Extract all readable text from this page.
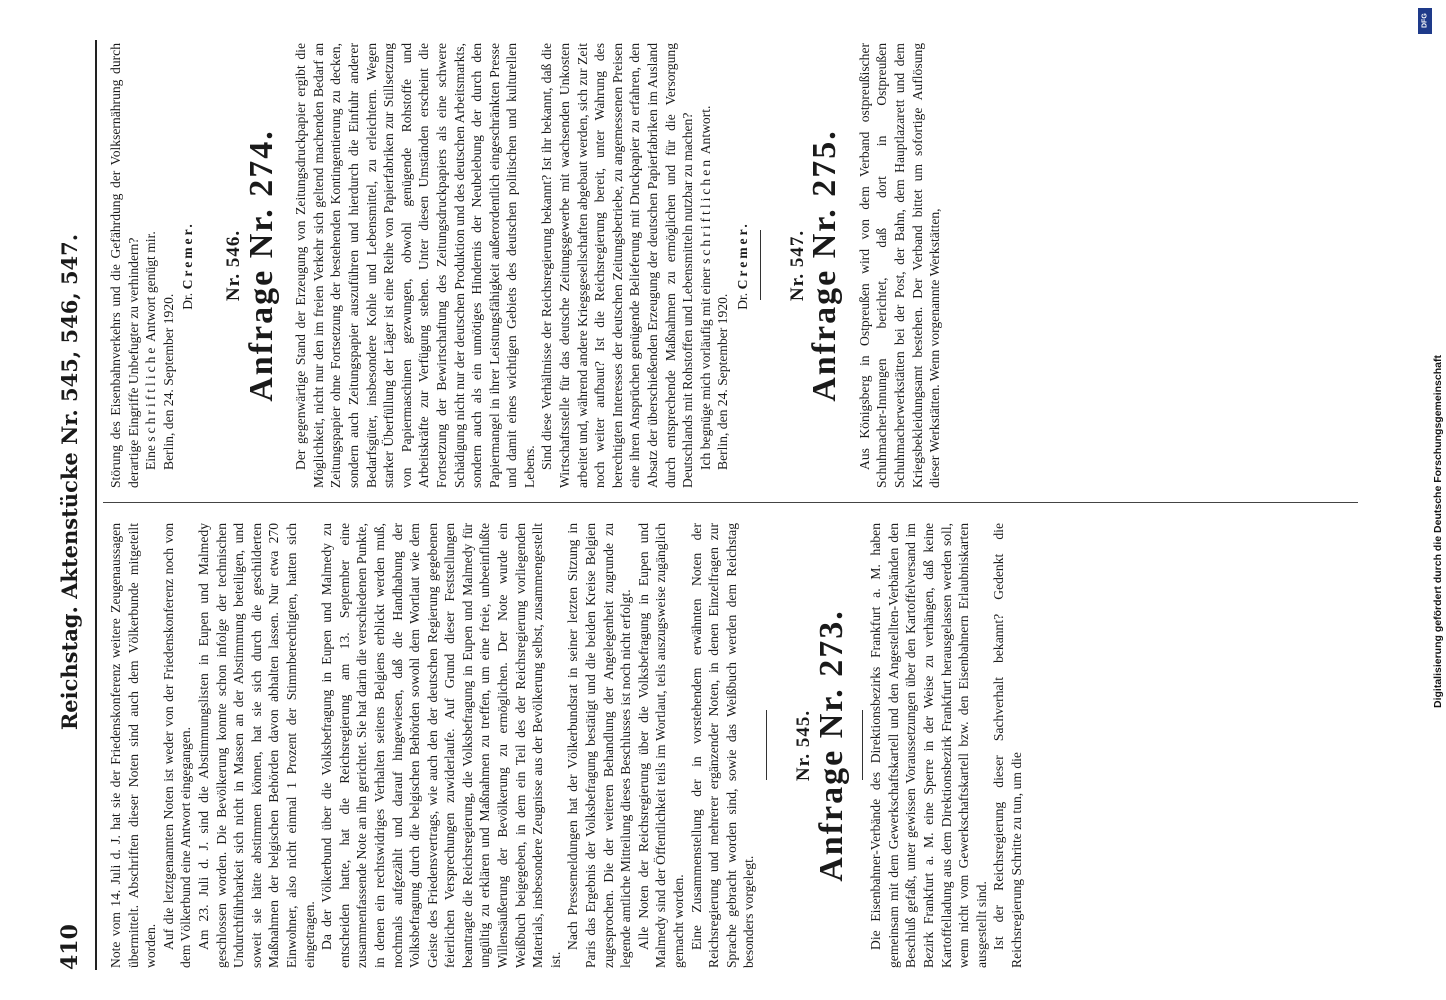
410
Reichstag. Aktenstücke Nr. 545, 546, 547.

Note vom 14. Juli d. J. hat sie der Friedenskonferenz weitere Zeugenaussagen übermittelt. Abschriften dieser Noten sind auch dem Völkerbunde mitgeteilt worden. Auf die letztgenannten Noten ist weder von der Friedenskonferenz noch von dem Völkerbund eine Antwort eingegangen. Am 23. Juli d. J. sind die Abstimmungslisten in Eupen und Malmedy geschlossen worden. Die Bevölkerung konnte schon infolge der technischen Undurchführbarkeit sich nicht in Massen an der Abstimmung beteiligen, und soweit sie hätte abstimmen können, hat sie sich durch die geschilderten Maßnahmen der belgischen Behörden davon abhalten lassen. Nur etwa 270 Einwohner, also nicht einmal 1 Prozent der Stimmberechtigten, hatten sich eingetragen. Da der Völkerbund über die Volksbefragung in Eupen und Malmedy zu entscheiden hatte, hat die Reichsregierung am 13. September eine zusammenfassende Note an ihn gerichtet. Sie hat darin die verschiedenen Punkte, in denen ein rechtswidriges Verhalten seitens Belgiens erblickt werden muß, nochmals aufgezählt und darauf hingewiesen, daß die Handhabung der Volksbefragung durch die belgischen Behörden sowohl dem Wortlaut wie dem Geiste des Friedensvertrags, wie auch den der deutschen Regierung gegebenen feierlichen Versprechungen zuwiderlaufe. Auf Grund dieser Feststellungen beantragte die Reichsregierung, die Volksbefragung in Eupen und Malmedy für ungültig zu erklären und Maßnahmen zu treffen, um eine freie, unbeeinflußte Willensäußerung der Bevölkerung zu ermöglichen. Der Note wurde ein Weißbuch beigegeben, in dem ein Teil des der Reichsregierung vorliegenden Materials, insbesondere Zeugnisse aus der Bevölkerung selbst, zusammengestellt ist.

Nach Pressemeldungen hat der Völkerbundsrat in seiner letzten Sitzung in Paris das Ergebnis der Volksbefragung bestätigt und die beiden Kreise Belgien zugesprochen. Die der weiteren Behandlung der Angelegenheit zugrunde zu legende amtliche Mitteilung dieses Beschlusses ist noch nicht erfolgt. Alle Noten der Reichsregierung über die Volksbefragung in Eupen und Malmedy sind der Öffentlichkeit teils im Wortlaut, teils auszugsweise zugänglich gemacht worden. Eine Zusammenstellung der in vorstehendem erwähnten Noten der Reichsregierung und mehrerer ergänzender Noten, in denen Einzelfragen zur Sprache gebracht worden sind, sowie das Weißbuch werden dem Reichstag besonders vorgelegt.

Nr. 545.
Anfrage Nr. 273. Die Eisenbahner-Verbände des Direktionsbezirks Frankfurt a. M. haben gemeinsam mit dem Gewerkschaftskartell und den Angestellten-Verbänden den Beschluß gefaßt, unter gewissen Voraussetzungen über den Kartoffelversand im Bezirk Frankfurt a. M. eine Sperre in der Weise zu verhängen, daß keine Kartoffelladung aus dem Direktionsbezirk Frankfurt herausgelassen werden soll, wenn nicht vom Gewerkschaftskartell bzw. den Eisenbahnern Erlaubniskarten ausgestellt sind. Ist der Reichsregierung dieser Sachverhalt bekannt? Gedenkt die Reichsregierung Schritte zu tun, um die

Störung des Eisenbahnverkehrs und die Gefährdung der Volksernährung durch derartige Eingriffe Unbefugter zu verhindern? Eine schriftliche Antwort genügt mir.

Berlin, den 24. September 1920. Dr. Cremer. Nr. 546.
Anfrage Nr. 274. Der gegenwärtige Stand der Erzeugung von Zeitungsdruckpapier ergibt die Möglichkeit, nicht nur den im freien Verkehr sich geltend machenden Bedarf an Zeitungspapier ohne Fortsetzung der bestehenden Kontingentierung zu decken, sondern auch Zeitungspapier auszuführen und hierdurch die Einfuhr anderer Bedarfsgüter, insbesondere Kohle und Lebensmittel, zu erleichtern. Wegen starker Überfüllung der Läger ist eine Reihe von Papierfabriken zur Stillsetzung von Papiermaschinen gezwungen, obwohl genügende Rohstoffe und Arbeitskräfte zur Verfügung stehen. Unter diesen Umständen erscheint die Fortsetzung der Bewirtschaftung des Zeitungsdruckpapiers als eine schwere Schädigung nicht nur der deutschen Produktion und des deutschen Arbeitsmarkts, sondern auch als ein unnötiges Hindernis der Neubelebung der durch den Papiermangel in ihrer Leistungsfähigkeit außerordentlich eingeschränkten Presse und damit eines wichtigen Gebiets des deutschen politischen und kulturellen Lebens. Sind diese Verhältnisse der Reichsregierung bekannt? Ist ihr bekannt, daß die Wirtschaftsstelle für das deutsche Zeitungsgewerbe mit wachsenden Unkosten arbeitet und, während andere Kriegsgesellschaften abgebaut werden, sich zur Zeit noch weiter aufbaut? Ist die Reichsregierung bereit, unter Wahrung des berechtigten Interesses der deutschen Zeitungsbetriebe, zu angemessenen Preisen eine ihren Ansprüchen genügende Belieferung mit Druckpapier zu erfahren, den Absatz der überschießenden Erzeugung der deutschen Papierfabriken im Ausland durch entsprechende Maßnahmen zu ermöglichen und für die Versorgung Deutschlands mit Rohstoffen und Lebensmitteln nutzbar zu machen? Ich begnüge mich vorläufig mit einer schriftlichen Antwort.

Berlin, den 24. September 1920. Dr. Cremer. Nr. 547.
Anfrage Nr. 275. Aus Königsberg in Ostpreußen wird von dem Verband ostpreußischer Schuhmacher-Innungen berichtet, daß dort in Ostpreußen Schuhmacherwerkstätten bei der Post, der Bahn, dem Hauptlazarett und dem Kriegsbekleidungsamt bestehen. Der Verband bittet um sofortige Auflösung dieser Werkstätten. Wenn vorgenannte Werkstätten,

DFG
Digitalisierung gefördert durch die Deutsche Forschungsgemeinschaft
